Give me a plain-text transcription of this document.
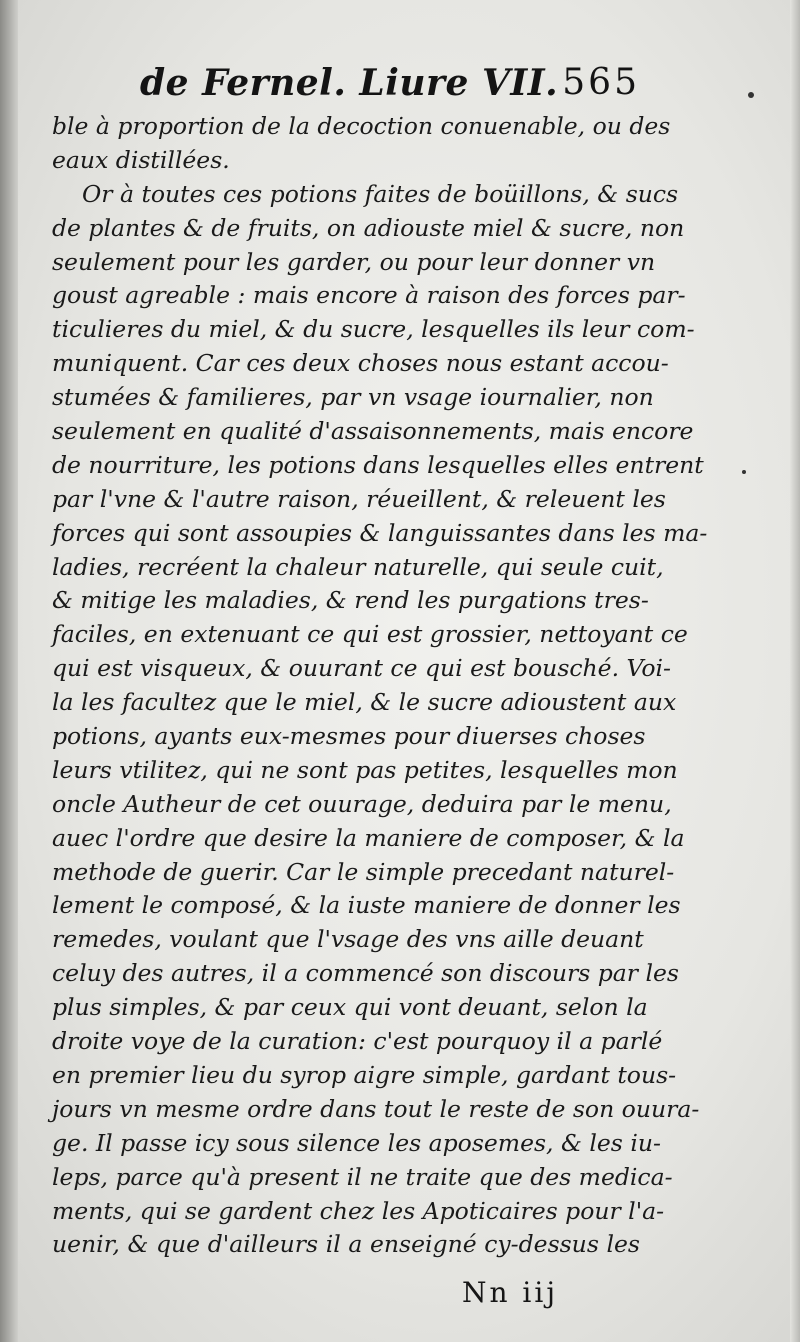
de Fernel. Liure VII. 565
ble à proportion de la decoction conuenable, ou des
eaux distillées.
Or à toutes ces potions faites de boüillons, & sucs
de plantes & de fruits, on adiouste miel & sucre, non
seulement pour les garder, ou pour leur donner vn
goust agreable : mais encore à raison des forces par-
ticulieres du miel, & du sucre, lesquelles ils leur com-
muniquent. Car ces deux choses nous estant accou-
stumées & familieres, par vn vsage iournalier, non
seulement en qualité d'assaisonnements, mais encore
de nourriture, les potions dans lesquelles elles entrent
par l'vne & l'autre raison, réueillent, & releuent les
forces qui sont assoupies & languissantes dans les ma-
ladies, recréent la chaleur naturelle, qui seule cuit,
& mitige les maladies, & rend les purgations tres-
faciles, en extenuant ce qui est grossier, nettoyant ce
qui est visqueux, & ouurant ce qui est bousché. Voi-
la les facultez que le miel, & le sucre adioustent aux
potions, ayants eux-mesmes pour diuerses choses
leurs vtilitez, qui ne sont pas petites, lesquelles mon
oncle Autheur de cet ouurage, deduira par le menu,
auec l'ordre que desire la maniere de composer, & la
methode de guerir. Car le simple precedant naturel-
lement le composé, & la iuste maniere de donner les
remedes, voulant que l'vsage des vns aille deuant
celuy des autres, il a commencé son discours par les
plus simples, & par ceux qui vont deuant, selon la
droite voye de la curation: c'est pourquoy il a parlé
en premier lieu du syrop aigre simple, gardant tous-
jours vn mesme ordre dans tout le reste de son ouura-
ge. Il passe icy sous silence les aposemes, & les iu-
leps, parce qu'à present il ne traite que des medica-
ments, qui se gardent chez les Apoticaires pour l'a-
uenir, & que d'ailleurs il a enseigné cy-dessus les
Nn iij
